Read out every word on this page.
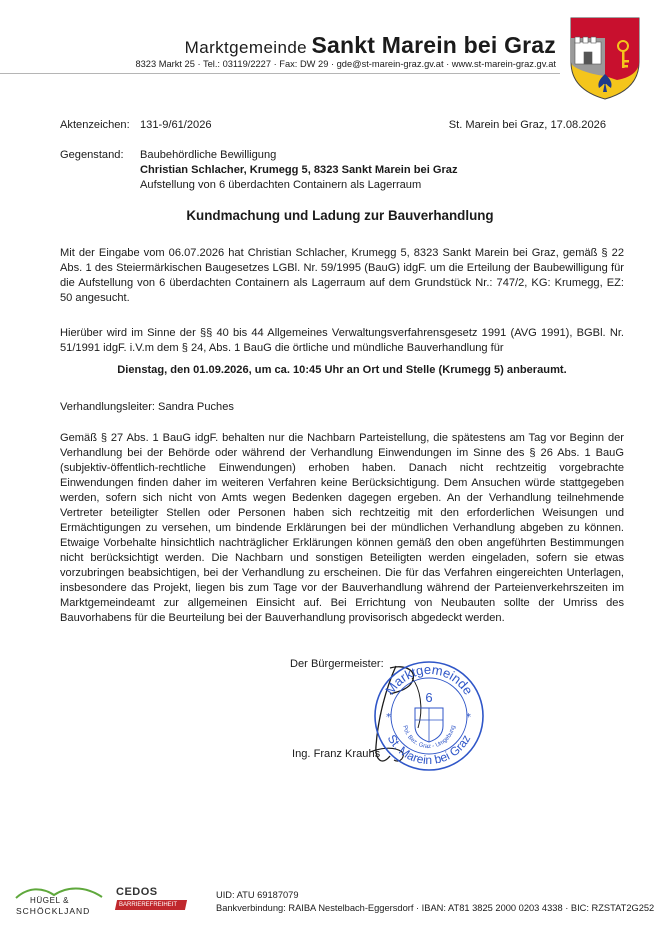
Marktgemeinde Sankt Marein bei Graz
8323 Markt 25 · Tel.: 03119/2227 · Fax: DW 29 · gde@st-marein-graz.gv.at · www.st-marein-graz.gv.at
Aktenzeichen: 131-9/61/2026	St. Marein bei Graz, 17.08.2026
Gegenstand: Baubehördliche Bewilligung
Christian Schlacher, Krumegg 5, 8323 Sankt Marein bei Graz
Aufstellung von 6 überdachten Containern als Lagerraum
Kundmachung und Ladung zur Bauverhandlung
Mit der Eingabe vom 06.07.2026 hat Christian Schlacher, Krumegg 5, 8323 Sankt Marein bei Graz, gemäß § 22 Abs. 1 des Steiermärkischen Baugesetzes LGBl. Nr. 59/1995 (BauG) idgF. um die Erteilung der Baubewilligung für die Aufstellung von 6 überdachten Containern als Lagerraum auf dem Grundstück Nr.: 747/2, KG: Krumegg, EZ: 50 angesucht.
Hierüber wird im Sinne der §§ 40 bis 44 Allgemeines Verwaltungsverfahrensgesetz 1991 (AVG 1991), BGBl. Nr. 51/1991 idgF. i.V.m dem § 24, Abs. 1 BauG die örtliche und mündliche Bauverhandlung für
Dienstag, den 01.09.2026, um ca. 10:45 Uhr an Ort und Stelle (Krumegg 5) anberaumt.
Verhandlungsleiter: Sandra Puches
Gemäß § 27 Abs. 1 BauG idgF. behalten nur die Nachbarn Parteistellung, die spätestens am Tag vor Beginn der Verhandlung bei der Behörde oder während der Verhandlung Einwendungen im Sinne des § 26 Abs. 1 BauG (subjektiv-öffentlich-rechtliche Einwendungen) erhoben haben. Danach nicht rechtzeitig vorgebrachte Einwendungen finden daher im weiteren Verfahren keine Berücksichtigung. Dem Ansuchen würde stattgegeben werden, sofern sich nicht von Amts wegen Bedenken dagegen ergeben. An der Verhandlung teilnehmende Vertreter beteiligter Stellen oder Personen haben sich rechtzeitig mit den erforderlichen Weisungen und Ermächtigungen zu versehen, um bindende Erklärungen bei der mündlichen Verhandlung abgeben zu können. Etwaige Vorbehalte hinsichtlich nachträglicher Erklärungen können gemäß den oben angeführten Bestimmungen nicht berücksichtigt werden. Die Nachbarn und sonstigen Beteiligten werden eingeladen, sofern sie etwas vorzubringen beabsichtigen, bei der Verhandlung zu erscheinen. Die für das Verfahren eingereichten Unterlagen, insbesondere das Projekt, liegen bis zum Tage vor der Bauverhandlung während der Parteienverkehrszeiten im Marktgemeindeamt zur allgemeinen Einsicht auf. Bei Errichtung von Neubauten sollte der Umriss des Bauvorhabens für die Beurteilung bei der Bauverhandlung provisorisch abgedeckt werden.
Der Bürgermeister:
Marktgemeinde
St. Marein bei Graz
Pol. Bez. Graz - Umgebung
6
*	*
Ing. Franz Krauhs
HÜGEL &
SCHÖCKLJAND
CEDOS
BARRIEREFREIHEIT
UID: ATU 69187079
Bankverbindung: RAIBA Nestelbach-Eggersdorf · IBAN: AT81 3825 2000 0203 4338 · BIC: RZSTAT2G252
